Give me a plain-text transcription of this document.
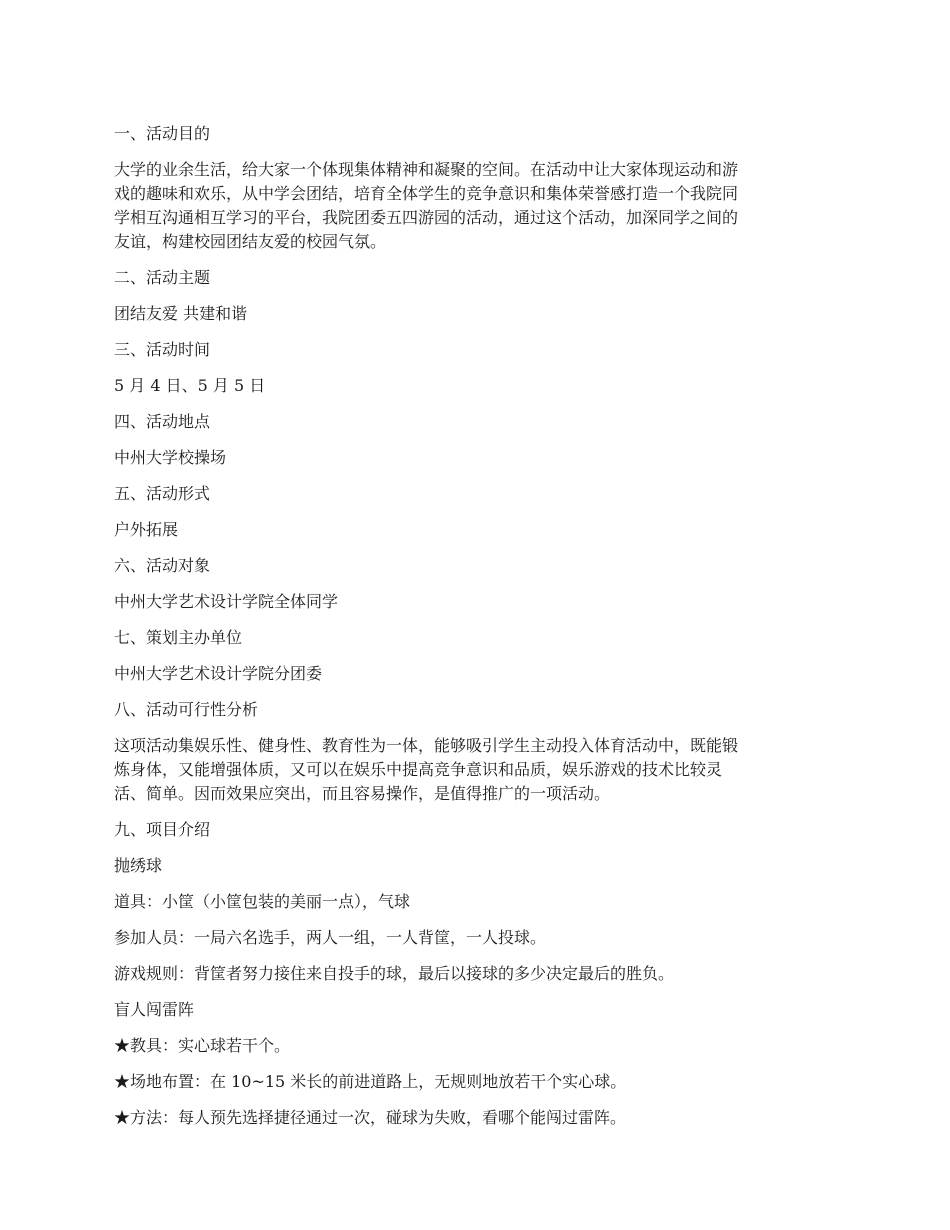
一、活动目的
大学的业余生活，给大家一个体现集体精神和凝聚的空间。在活动中让大家体现运动和游
戏的趣味和欢乐，从中学会团结，培育全体学生的竞争意识和集体荣誉感打造一个我院同
学相互沟通相互学习的平台，我院团委五四游园的活动，通过这个活动，加深同学之间的
友谊，构建校园团结友爱的校园气氛。
二、活动主题
团结友爱 共建和谐
三、活动时间
5 月 4 日、5 月 5 日
四、活动地点
中州大学校操场
五、活动形式
户外拓展
六、活动对象
中州大学艺术设计学院全体同学
七、策划主办单位
中州大学艺术设计学院分团委
八、活动可行性分析
这项活动集娱乐性、健身性、教育性为一体，能够吸引学生主动投入体育活动中，既能锻
炼身体，又能增强体质，又可以在娱乐中提高竞争意识和品质，娱乐游戏的技术比较灵
活、简单。因而效果应突出，而且容易操作，是值得推广的一项活动。
九、项目介绍
抛绣球
道具：小筐（小筐包装的美丽一点），气球
参加人员：一局六名选手，两人一组，一人背筐，一人投球。
游戏规则：背筐者努力接住来自投手的球，最后以接球的多少决定最后的胜负。
盲人闯雷阵
★教具：实心球若干个。
★场地布置：在 10~15 米长的前进道路上，无规则地放若干个实心球。
★方法：每人预先选择捷径通过一次，碰球为失败，看哪个能闯过雷阵。
